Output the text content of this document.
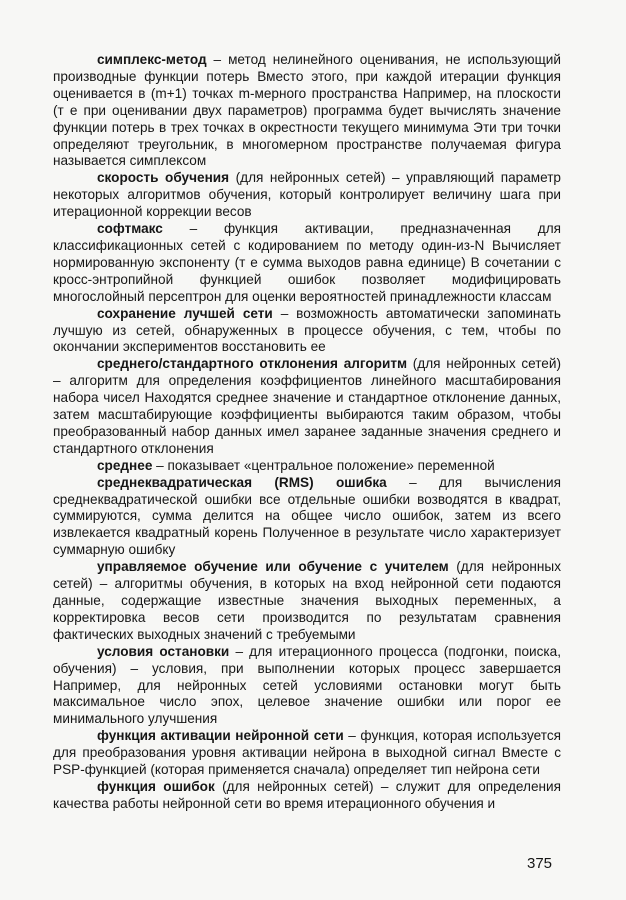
симплекс-метод – метод нелинейного оценивания, не использующий производные функции потерь Вместо этого, при каждой итерации функция оценивается в (m+1) точках m-мерного пространства Например, на плоскости (т е при оценивании двух параметров) программа будет вычислять значение функции потерь в трех точках в окрестности текущего минимума Эти три точки определяют треугольник, в многомерном пространстве получаемая фигура называется симплексом

скорость обучения (для нейронных сетей) – управляющий параметр некоторых алгоритмов обучения, который контролирует величину шага при итерационной коррекции весов

софтмакс – функция активации, предназначенная для классификационных сетей с кодированием по методу один-из-N Вычисляет нормированную экспоненту (т е сумма выходов равна единице) В сочетании с кросс-энтропийной функцией ошибок позволяет модифицировать многослойный персептрон для оценки вероятностей принадлежности классам

сохранение лучшей сети – возможность автоматически запоминать лучшую из сетей, обнаруженных в процессе обучения, с тем, чтобы по окончании экспериментов восстановить ее

среднего/стандартного отклонения алгоритм (для нейронных сетей) – алгоритм для определения коэффициентов линейного масштабирования набора чисел Находятся среднее значение и стандартное отклонение данных, затем масштабирующие коэффициенты выбираются таким образом, чтобы преобразованный набор данных имел заранее заданные значения среднего и стандартного отклонения

среднее – показывает «центральное положение» переменной

среднеквадратическая (RMS) ошибка – для вычисления среднеквадратической ошибки все отдельные ошибки возводятся в квадрат, суммируются, сумма делится на общее число ошибок, затем из всего извлекается квадратный корень Полученное в результате число характеризует суммарную ошибку

управляемое обучение или обучение с учителем (для нейронных сетей) – алгоритмы обучения, в которых на вход нейронной сети подаются данные, содержащие известные значения выходных переменных, а корректировка весов сети производится по результатам сравнения фактических выходных значений с требуемыми

условия остановки – для итерационного процесса (подгонки, поиска, обучения) – условия, при выполнении которых процесс завершается Например, для нейронных сетей условиями остановки могут быть максимальное число эпох, целевое значение ошибки или порог ее минимального улучшения

функция активации нейронной сети – функция, которая используется для преобразования уровня активации нейрона в выходной сигнал Вместе с PSP-функцией (которая применяется сначала) определяет тип нейрона сети

функция ошибок (для нейронных сетей) – служит для определения качества работы нейронной сети во время итерационного обучения и

375
